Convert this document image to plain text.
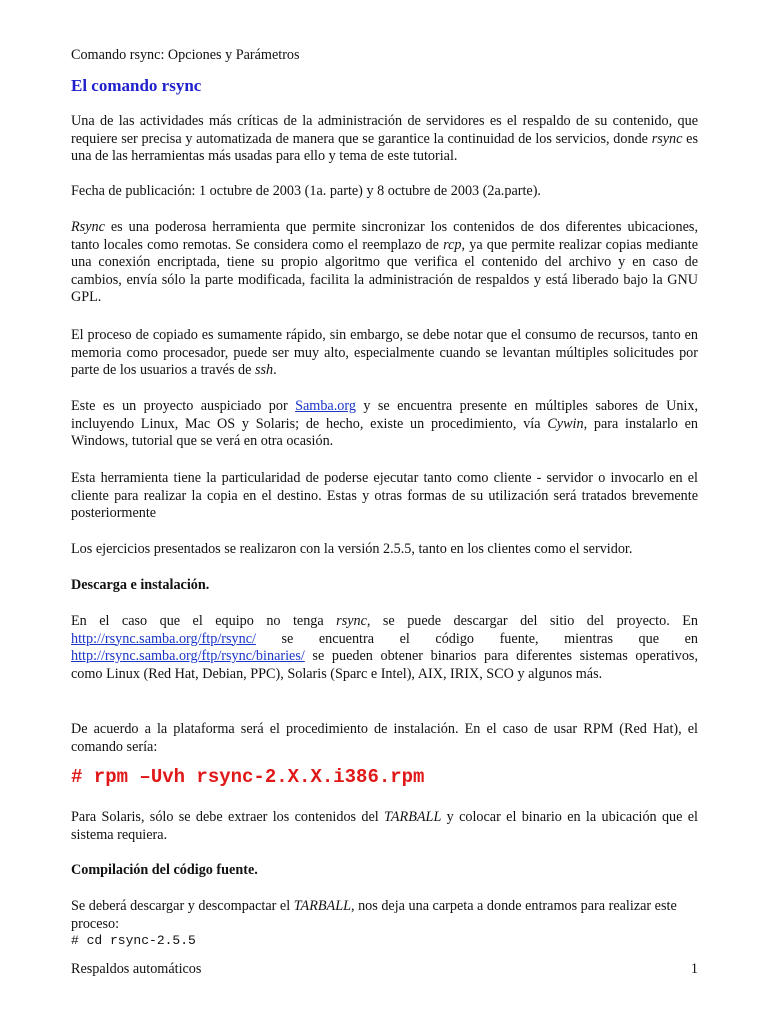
Comando rsync: Opciones y Parámetros
El comando rsync
Una de las actividades más críticas de la administración de servidores es el respaldo de su contenido, que requiere ser precisa y automatizada de manera que se garantice la continuidad de los servicios, donde rsync es una de las herramientas más usadas para ello y tema de este tutorial.
Fecha de publicación: 1 octubre de 2003 (1a. parte) y 8 octubre de 2003 (2a.parte).
Rsync es una poderosa herramienta que permite sincronizar los contenidos de dos diferentes ubicaciones, tanto locales como remotas. Se considera como el reemplazo de rcp, ya que permite realizar copias mediante una conexión encriptada, tiene su propio algoritmo que verifica el contenido del archivo y en caso de cambios, envía sólo la parte modificada, facilita la administración de respaldos y está liberado bajo la GNU GPL.
El proceso de copiado es sumamente rápido, sin embargo, se debe notar que el consumo de recursos, tanto en memoria como procesador, puede ser muy alto, especialmente cuando se levantan múltiples solicitudes por parte de los usuarios a través de ssh.
Este es un proyecto auspiciado por Samba.org y se encuentra presente en múltiples sabores de Unix, incluyendo Linux, Mac OS y Solaris; de hecho, existe un procedimiento, vía Cywin, para instalarlo en Windows, tutorial que se verá en otra ocasión.
Esta herramienta tiene la particularidad de poderse ejecutar tanto como cliente - servidor o invocarlo en el cliente para realizar la copia en el destino. Estas y otras formas de su utilización será tratados brevemente posteriormente
Los ejercicios presentados se realizaron con la versión 2.5.5, tanto en los clientes como el servidor.
Descarga e instalación.
En el caso que el equipo no tenga rsync, se puede descargar del sitio del proyecto. En http://rsync.samba.org/ftp/rsync/ se encuentra el código fuente, mientras que en http://rsync.samba.org/ftp/rsync/binaries/ se pueden obtener binarios para diferentes sistemas operativos, como Linux (Red Hat, Debian, PPC), Solaris (Sparc e Intel), AIX, IRIX, SCO y algunos más.
De acuerdo a la plataforma será el procedimiento de instalación. En el caso de usar RPM (Red Hat), el comando sería:
# rpm –Uvh rsync-2.X.X.i386.rpm
Para Solaris, sólo se debe extraer los contenidos del TARBALL y colocar el binario en la ubicación que el sistema requiera.
Compilación del código fuente.
Se deberá descargar y descompactar el TARBALL, nos deja una carpeta a donde entramos para realizar este proceso:
# cd rsync-2.5.5
Respaldos automáticos	1
